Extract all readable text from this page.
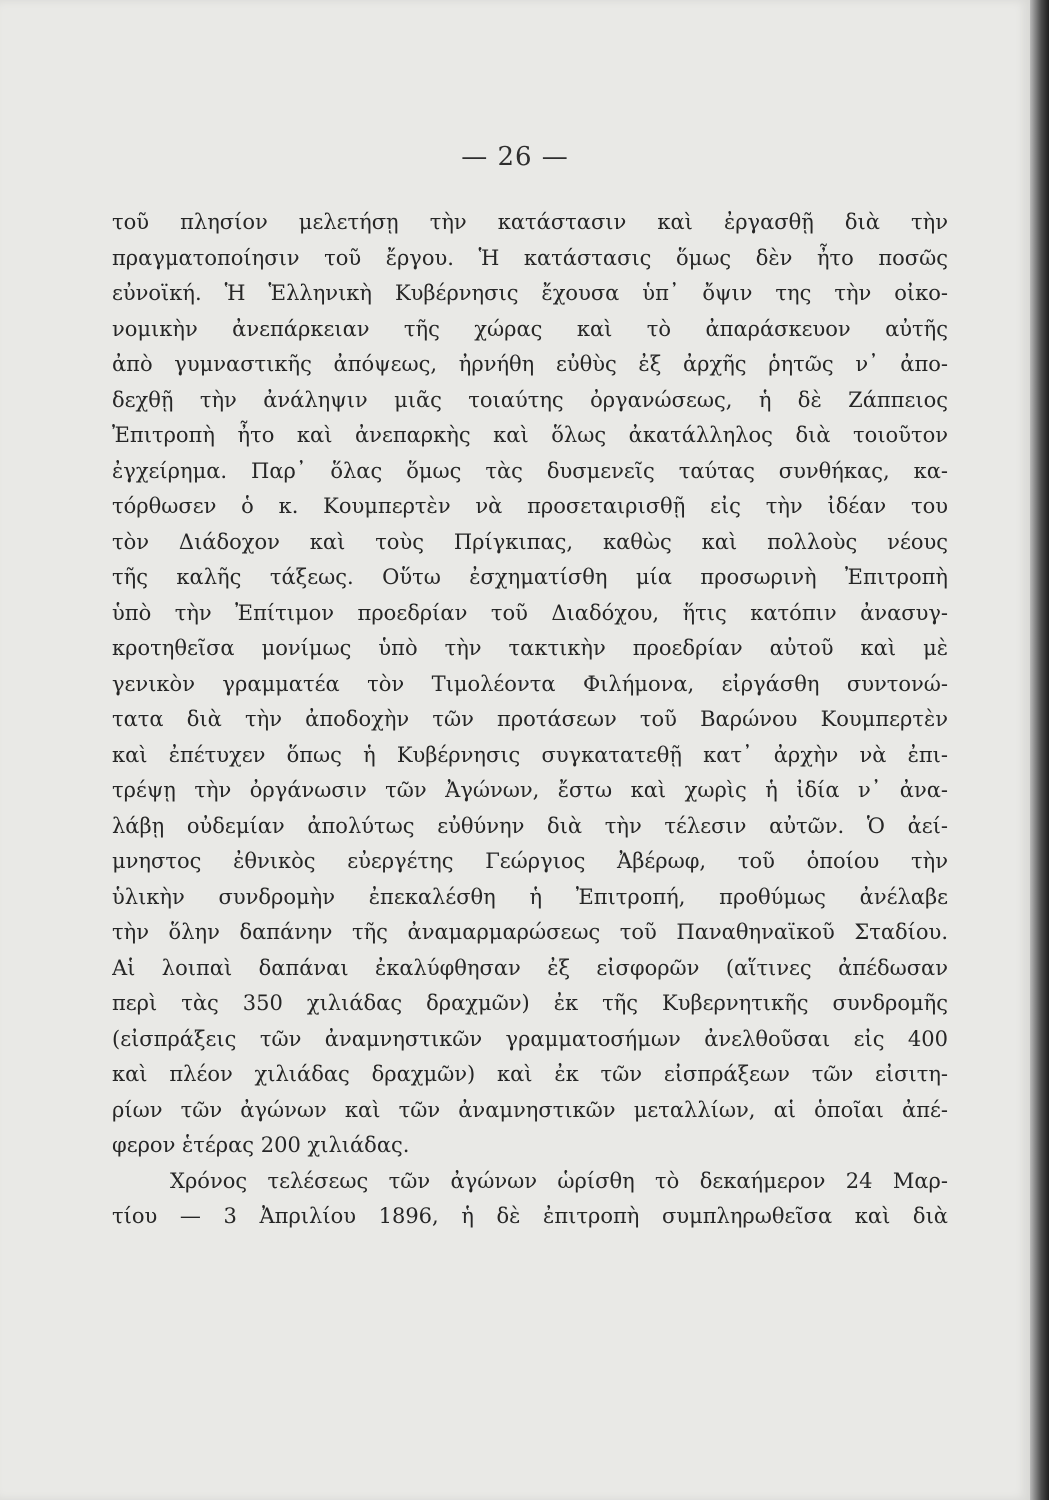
— 26 —
τοῦ πλησίον μελετήσῃ τὴν κατάστασιν καὶ ἐργασθῇ διὰ τὴν
πραγματοποίησιν τοῦ ἔργου. Ἡ κατάστασις ὅμως δὲν ἦτο ποσῶς
εὐνοϊκή. Ἡ Ἑλληνικὴ Κυβέρνησις ἔχουσα ὑπ᾿ ὄψιν της τὴν οἰκο-
νομικὴν ἀνεπάρκειαν τῆς χώρας καὶ τὸ ἀπαράσκευον αὐτῆς
ἀπὸ γυμναστικῆς ἀπόψεως, ἠρνήθη εὐθὺς ἐξ ἀρχῆς ῥητῶς ν᾿ ἀπο-
δεχθῇ τὴν ἀνάληψιν μιᾶς τοιαύτης ὀργανώσεως, ἡ δὲ Ζάππειος
Ἐπιτροπὴ ἦτο καὶ ἀνεπαρκὴς καὶ ὅλως ἀκατάλληλος διὰ τοιοῦτον
ἐγχείρημα. Παρ᾿ ὅλας ὅμως τὰς δυσμενεῖς ταύτας συνθήκας, κα-
τόρθωσεν ὁ κ. Κουμπερτὲν νὰ προσεταιρισθῇ εἰς τὴν ἰδέαν του
τὸν Διάδοχον καὶ τοὺς Πρίγκιπας, καθὼς καὶ πολλοὺς νέους
τῆς καλῆς τάξεως. Οὕτω ἐσχηματίσθη μία προσωρινὴ Ἐπιτροπὴ
ὑπὸ τὴν Ἐπίτιμον προεδρίαν τοῦ Διαδόχου, ἥτις κατόπιν ἀνασυγ-
κροτηθεῖσα μονίμως ὑπὸ τὴν τακτικὴν προεδρίαν αὐτοῦ καὶ μὲ
γενικὸν γραμματέα τὸν Τιμολέοντα Φιλήμονα, εἰργάσθη συντονώ-
τατα διὰ τὴν ἀποδοχὴν τῶν προτάσεων τοῦ Βαρώνου Κουμπερτὲν
καὶ ἐπέτυχεν ὅπως ἡ Κυβέρνησις συγκατατεθῇ κατ᾿ ἀρχὴν νὰ ἐπι-
τρέψῃ τὴν ὀργάνωσιν τῶν Ἀγώνων, ἔστω καὶ χωρὶς ἡ ἰδία ν᾿ ἀνα-
λάβῃ οὐδεμίαν ἀπολύτως εὐθύνην διὰ τὴν τέλεσιν αὐτῶν. Ὁ ἀεί-
μνηστος ἐθνικὸς εὐεργέτης Γεώργιος Ἀβέρωφ, τοῦ ὁποίου τὴν
ὑλικὴν συνδρομὴν ἐπεκαλέσθη ἡ Ἐπιτροπή, προθύμως ἀνέλαβε
τὴν ὅλην δαπάνην τῆς ἀναμαρμαρώσεως τοῦ Παναθηναϊκοῦ Σταδίου.
Αἱ λοιπαὶ δαπάναι ἐκαλύφθησαν ἐξ εἰσφορῶν (αἵτινες ἀπέδωσαν
περὶ τὰς 350 χιλιάδας δραχμῶν) ἐκ τῆς Κυβερνητικῆς συνδρομῆς
(εἰσπράξεις τῶν ἀναμνηστικῶν γραμματοσήμων ἀνελθοῦσαι εἰς 400
καὶ πλέον χιλιάδας δραχμῶν) καὶ ἐκ τῶν εἰσπράξεων τῶν εἰσιτη-
ρίων τῶν ἀγώνων καὶ τῶν ἀναμνηστικῶν μεταλλίων, αἱ ὁποῖαι ἀπέ-
φερον ἑτέρας 200 χιλιάδας.
Χρόνος τελέσεως τῶν ἀγώνων ὡρίσθη τὸ δεκαήμερον 24 Μαρ-
τίου — 3 Ἀπριλίου 1896, ἡ δὲ ἐπιτροπὴ συμπληρωθεῖσα καὶ διὰ
